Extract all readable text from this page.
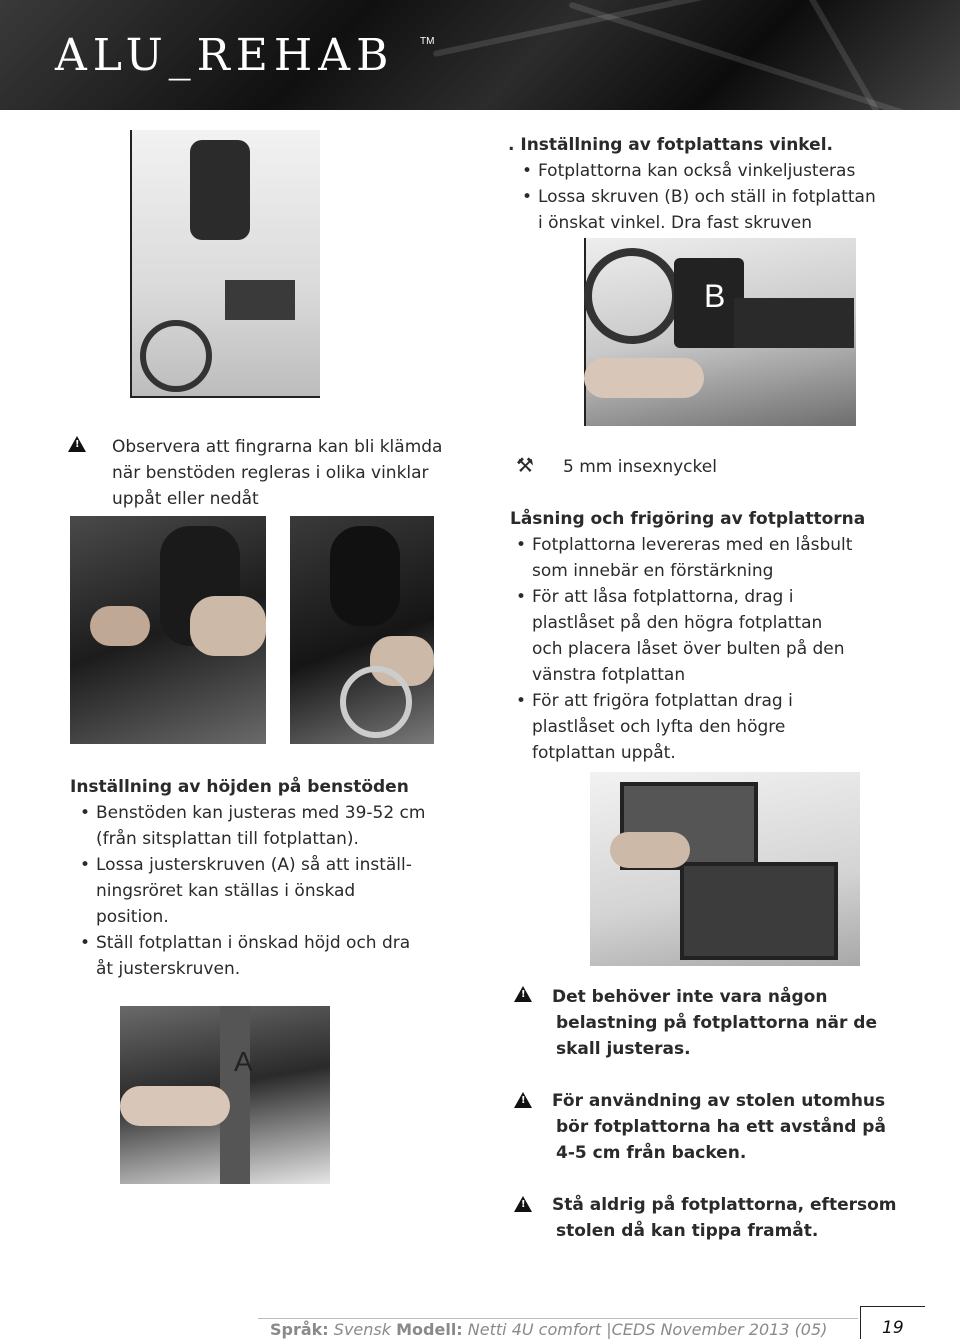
ALU_REHAB	TM
. Inställning av fotplattans vinkel.
• Fotplattorna kan också vinkeljusteras
• Lossa skruven (B) och ställ in fotplattan
i önskat vinkel. Dra fast skruven
B
! Observera att fingrarna kan bli klämda
när benstöden regleras i olika vinklar
uppåt eller nedåt
⚒ 5 mm insexnyckel
Låsning och frigöring av fotplattorna
• Fotplattorna levereras med en låsbult
som innebär en förstärkning
• För att låsa fotplattorna, drag i
plastlåset på den högra fotplattan
och placera låset över bulten på den
vänstra fotplattan
• För att frigöra fotplattan drag i
plastlåset och lyfta den högre
fotplattan uppåt.
Inställning av höjden på benstöden
• Benstöden kan justeras med 39-52 cm
(från sitsplattan till fotplattan).
• Lossa justerskruven (A) så att inställ-
ningsröret kan ställas i önskad
position.
• Ställ fotplattan i önskad höjd och dra
åt justerskruven.
A
! Det behöver inte vara någon
belastning på fotplattorna när de
skall justeras.
! För användning av stolen utomhus
bör fotplattorna ha ett avstånd på
4-5 cm från backen.
! Stå aldrig på fotplattorna, eftersom
stolen då kan tippa framåt.
Språk: Svensk Modell: Netti 4U comfort |CEDS November 2013 (05)	19
